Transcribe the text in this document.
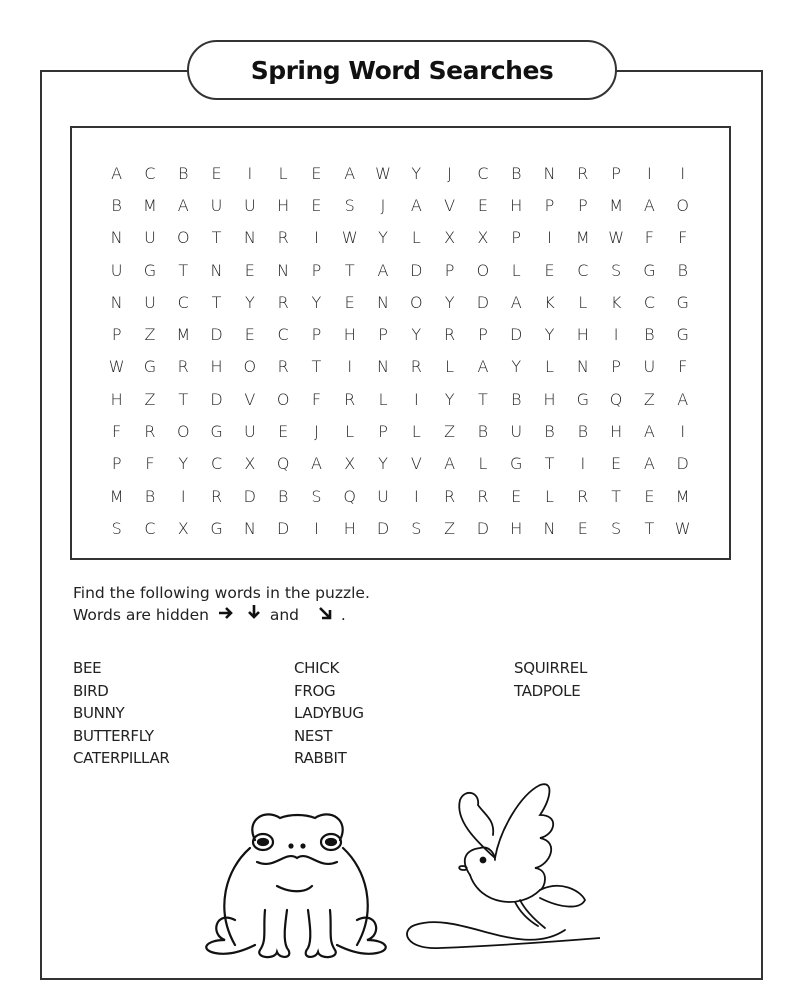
Spring Word Searches
A	C	B	E	I	L	E	A	W	Y	J	C	B	N	R	P	I	I
B	M	A	U	U	H	E	S	J	A	V	E	H	P	P	M	A	O
N	U	O	T	N	R	I	W	Y	L	X	X	P	I	M	W	F	F
U	G	T	N	E	N	P	T	A	D	P	O	L	E	C	S	G	B
N	U	C	T	Y	R	Y	E	N	O	Y	D	A	K	L	K	C	G
P	Z	M	D	E	C	P	H	P	Y	R	P	D	Y	H	I	B	G
W	G	R	H	O	R	T	I	N	R	L	A	Y	L	N	P	U	F
H	Z	T	D	V	O	F	R	L	I	Y	T	B	H	G	Q	Z	A
F	R	O	G	U	E	J	L	P	L	Z	B	U	B	B	H	A	I
P	F	Y	C	X	Q	A	X	Y	V	A	L	G	T	I	E	A	D
M	B	I	R	D	B	S	Q	U	I	R	R	E	L	R	T	E	M
S	C	X	G	N	D	I	H	D	S	Z	D	H	N	E	S	T	W
Find the following words in the puzzle.
Words are hidden	and	.
BEE
BIRD
BUNNY
BUTTERFLY
CATERPILLAR
CHICK
FROG
LADYBUG
NEST
RABBIT
SQUIRREL
TADPOLE
